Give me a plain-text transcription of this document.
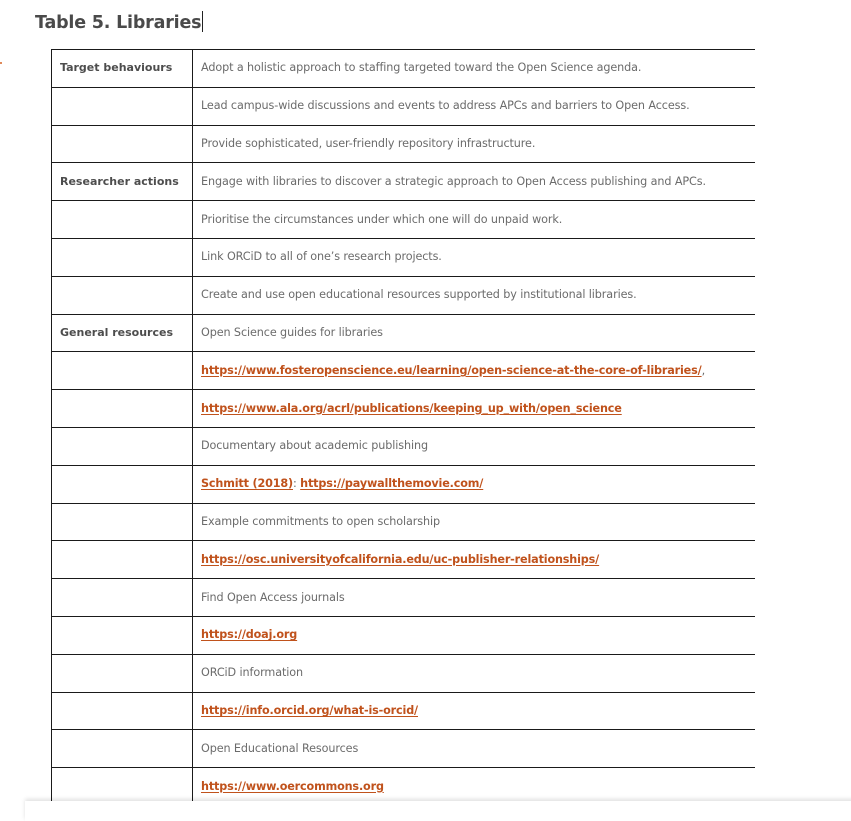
Table 5. Libraries
Target behaviours	Adopt a holistic approach to staffing targeted toward the Open Science agenda.
	Lead campus-wide discussions and events to address APCs and barriers to Open Access.
	Provide sophisticated, user-friendly repository infrastructure.
Researcher actions	Engage with libraries to discover a strategic approach to Open Access publishing and APCs.
	Prioritise the circumstances under which one will do unpaid work.
	Link ORCiD to all of one’s research projects.
	Create and use open educational resources supported by institutional libraries.
General resources	Open Science guides for libraries
	https://www.fosteropenscience.eu/learning/open-science-at-the-core-of-libraries/,
	https://www.ala.org/acrl/publications/keeping_up_with/open_science
	Documentary about academic publishing
	Schmitt (2018): https://paywallthemovie.com/
	Example commitments to open scholarship
	https://osc.universityofcalifornia.edu/uc-publisher-relationships/
	Find Open Access journals
	https://doaj.org
	ORCiD information
	https://info.orcid.org/what-is-orcid/
	Open Educational Resources
	https://www.oercommons.org
